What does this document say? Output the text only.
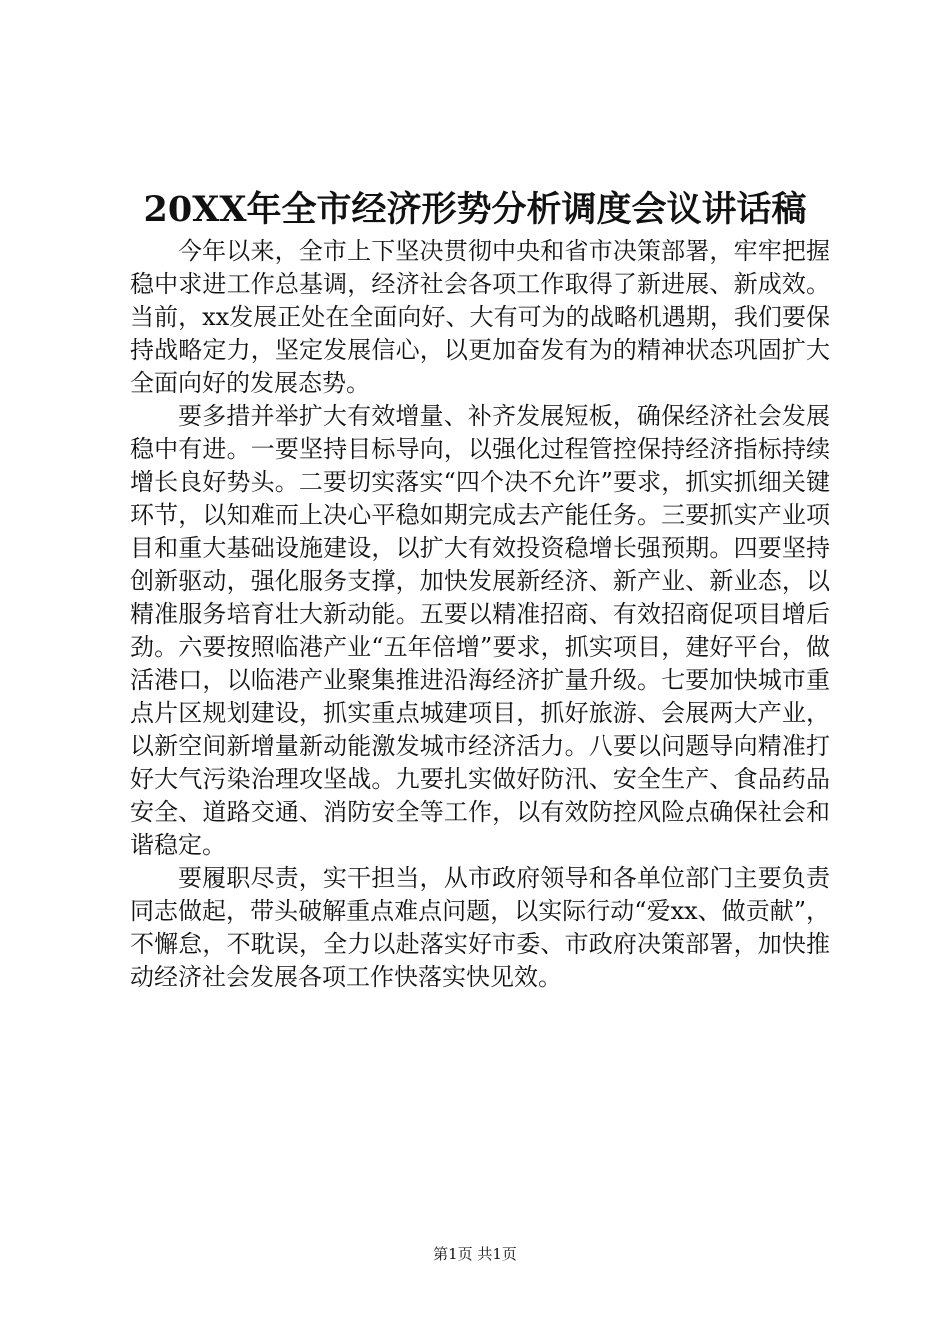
20XX年全市经济形势分析调度会议讲话稿

今年以来，全市上下坚决贯彻中央和省市决策部署，牢牢把握稳中求进工作总基调，经济社会各项工作取得了新进展、新成效。当前，xx发展正处在全面向好、大有可为的战略机遇期，我们要保持战略定力，坚定发展信心，以更加奋发有为的精神状态巩固扩大全面向好的发展态势。

要多措并举扩大有效增量、补齐发展短板，确保经济社会发展稳中有进。一要坚持目标导向，以强化过程管控保持经济指标持续增长良好势头。二要切实落实“四个决不允许”要求，抓实抓细关键环节，以知难而上决心平稳如期完成去产能任务。三要抓实产业项目和重大基础设施建设，以扩大有效投资稳增长强预期。四要坚持创新驱动，强化服务支撑，加快发展新经济、新产业、新业态，以精准服务培育壮大新动能。五要以精准招商、有效招商促项目增后劲。六要按照临港产业“五年倍增”要求，抓实项目，建好平台，做活港口，以临港产业聚集推进沿海经济扩量升级。七要加快城市重点片区规划建设，抓实重点城建项目，抓好旅游、会展两大产业，以新空间新增量新动能激发城市经济活力。八要以问题导向精准打好大气污染治理攻坚战。九要扎实做好防汛、安全生产、食品药品安全、道路交通、消防安全等工作，以有效防控风险点确保社会和谐稳定。

要履职尽责，实干担当，从市政府领导和各单位部门主要负责同志做起，带头破解重点难点问题，以实际行动“爱xx、做贡献”，不懈怠，不耽误，全力以赴落实好市委、市政府决策部署，加快推动经济社会发展各项工作快落实快见效。

第1页 共1页
